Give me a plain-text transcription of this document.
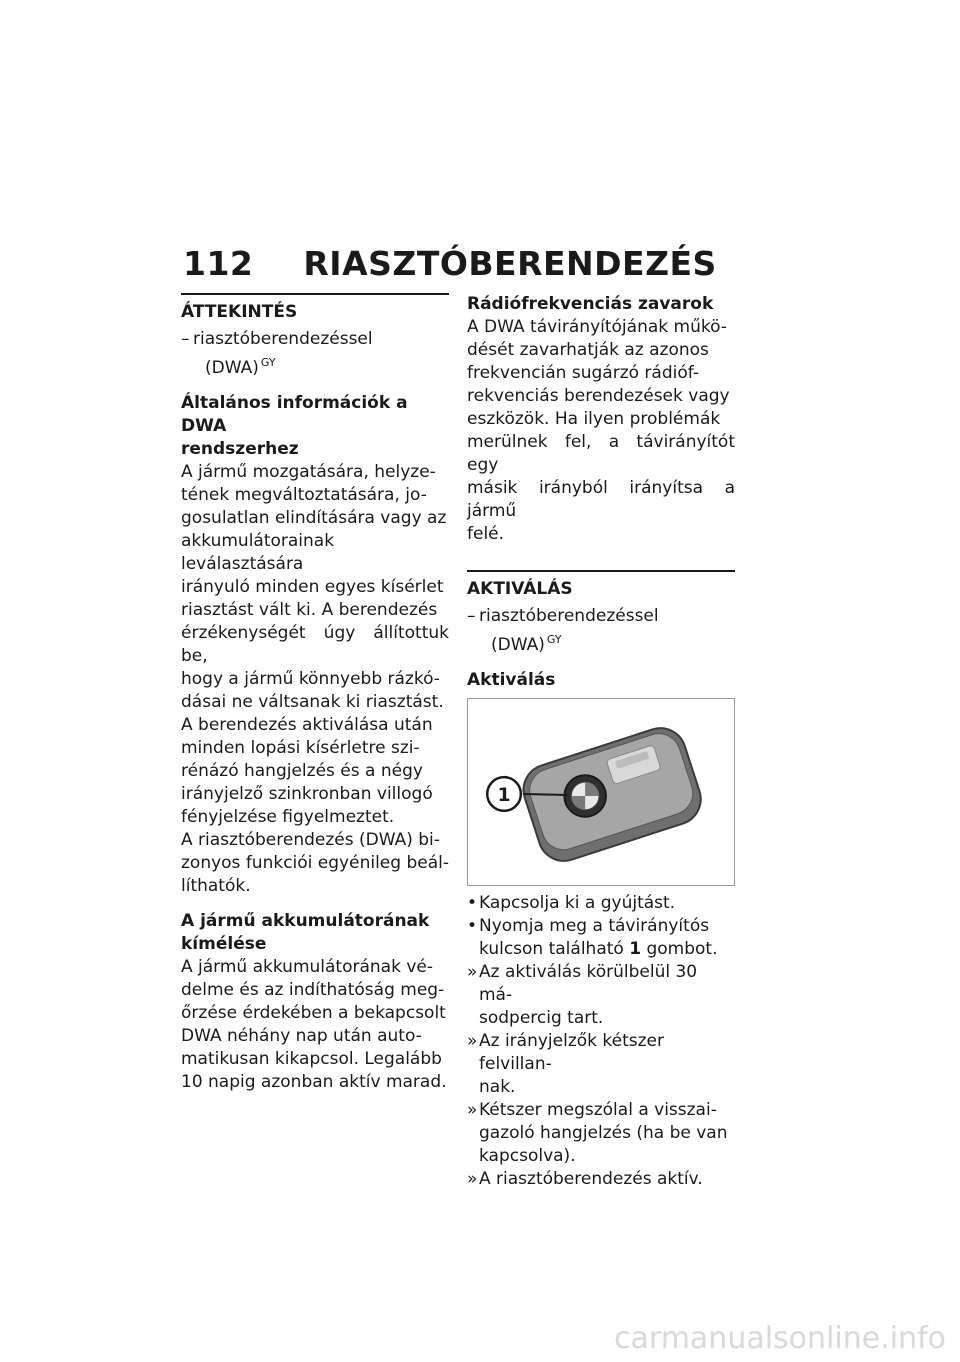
112 RIASZTÓBERENDEZÉS
ÁTTEKINTÉS
– riasztóberendezéssel
(DWA) $^{GY}$
Általános információk a DWA
rendszerhez

A jármű mozgatására, helyze-

tének megváltoztatására, jo-

gosulatlan elindítására vagy az

akkumulátorainak leválasztására

irányuló minden egyes kísérlet

riasztást vált ki. A berendezés

érzékenységét úgy állítottuk be,

hogy a jármű könnyebb rázkó-

dásai ne váltsanak ki riasztást.

A berendezés aktiválása után

minden lopási kísérletre szi-

rénázó hangjelzés és a négy

irányjelző szinkronban villogó

fényjelzése figyelmeztet.

A riasztóberendezés (DWA) bi-

zonyos funkciói egyénileg beál-

líthatók.

A jármű akkumulátorának
kímélése

A jármű akkumulátorának vé-

delme és az indíthatóság meg-

őrzése érdekében a bekapcsolt

DWA néhány nap után auto-

matikusan kikapcsol. Legalább

10 napig azonban aktív marad.

Rádiófrekvenciás zavarok

A DWA távirányítójának műkö-

dését zavarhatják az azonos

frekvencián sugárzó rádióf-

rekvenciás berendezések vagy

eszközök. Ha ilyen problémák

merülnek fel, a távirányítót egy

másik irányból irányítsa a jármű

felé.

AKTIVÁLÁS
– riasztóberendezéssel
(DWA) $^{GY}$
Aktiválás
1
• Kapcsolja ki a gyújtást.
• Nyomja meg a távirányítós
kulcson található 1 gombot.
» Az aktiválás körülbelül 30 má-
sodpercig tart.
» Az irányjelzők kétszer felvillan-
nak.
» Kétszer megszólal a visszai-
gazoló hangjelzés (ha be van
kapcsolva).
» A riasztóberendezés aktív.
carmanualsonline.info
